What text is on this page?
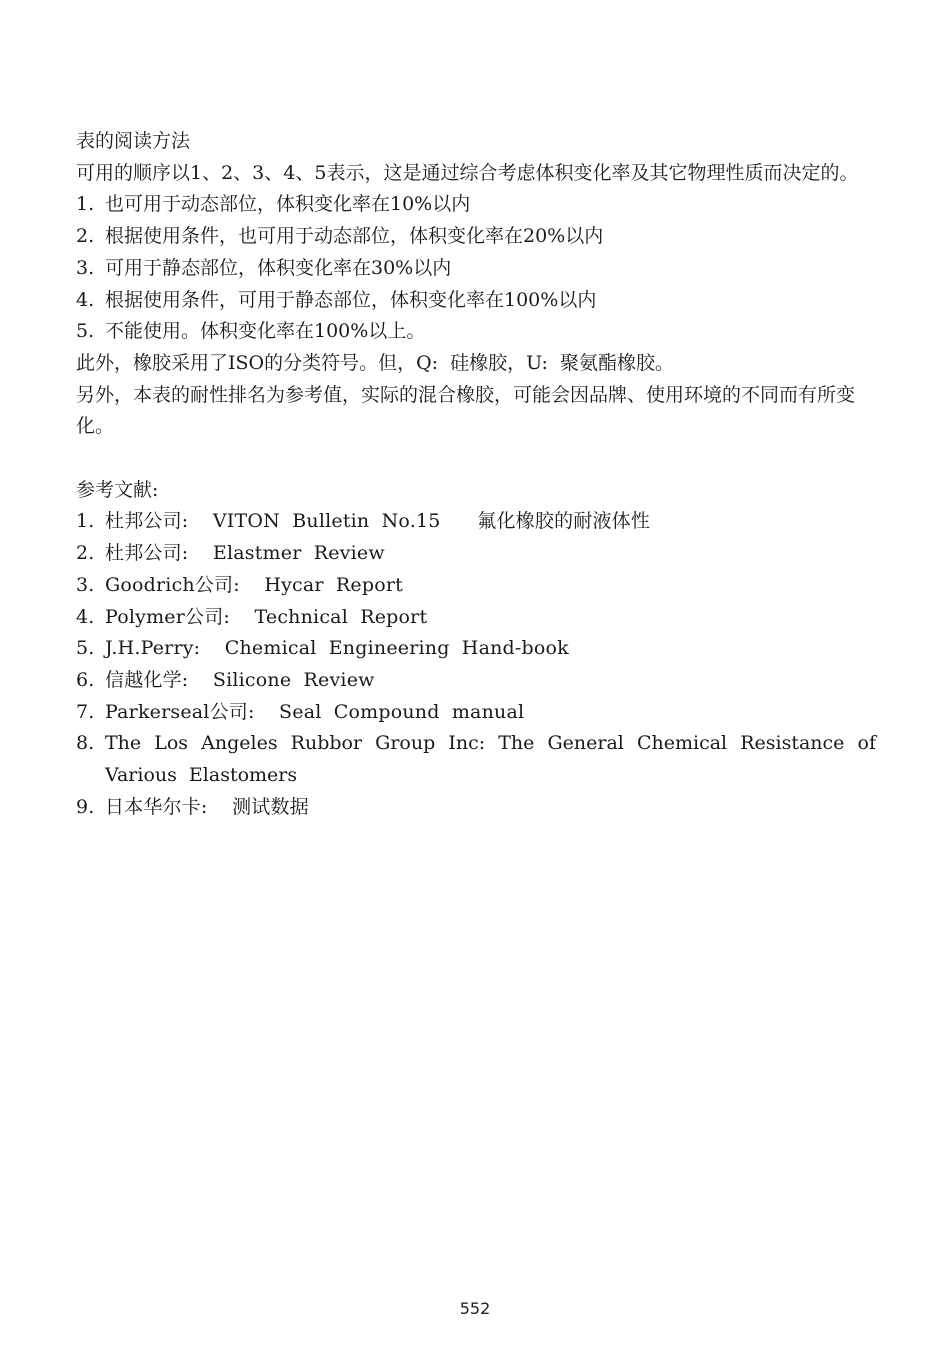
表的阅读方法
可用的顺序以1、2、3、4、5表示，这是通过综合考虑体积变化率及其它物理性质而决定的。
1. 也可用于动态部位，体积变化率在10%以内
2. 根据使用条件，也可用于动态部位，体积变化率在20%以内
3. 可用于静态部位，体积变化率在30%以内
4. 根据使用条件，可用于静态部位，体积变化率在100%以内
5. 不能使用。体积变化率在100%以上。
此外，橡胶采用了ISO的分类符号。但，Q:  硅橡胶，U:  聚氨酯橡胶。
另外，本表的耐性排名为参考值，实际的混合橡胶，可能会因品牌、使用环境的不同而有所变化。
参考文献:
1. 杜邦公司:  VITON Bulletin No.15   氟化橡胶的耐液体性
2. 杜邦公司:  Elastmer Review
3. Goodrich公司:  Hycar Report
4. Polymer公司:  Technical Report
5. J.H.Perry:  Chemical Engineering Hand-book
6. 信越化学:  Silicone Review
7. Parkerseal公司:  Seal Compound manual
8. The Los Angeles Rubbor Group Inc: The General Chemical Resistance of Various Elastomers
9. 日本华尔卡:  测试数据
552
